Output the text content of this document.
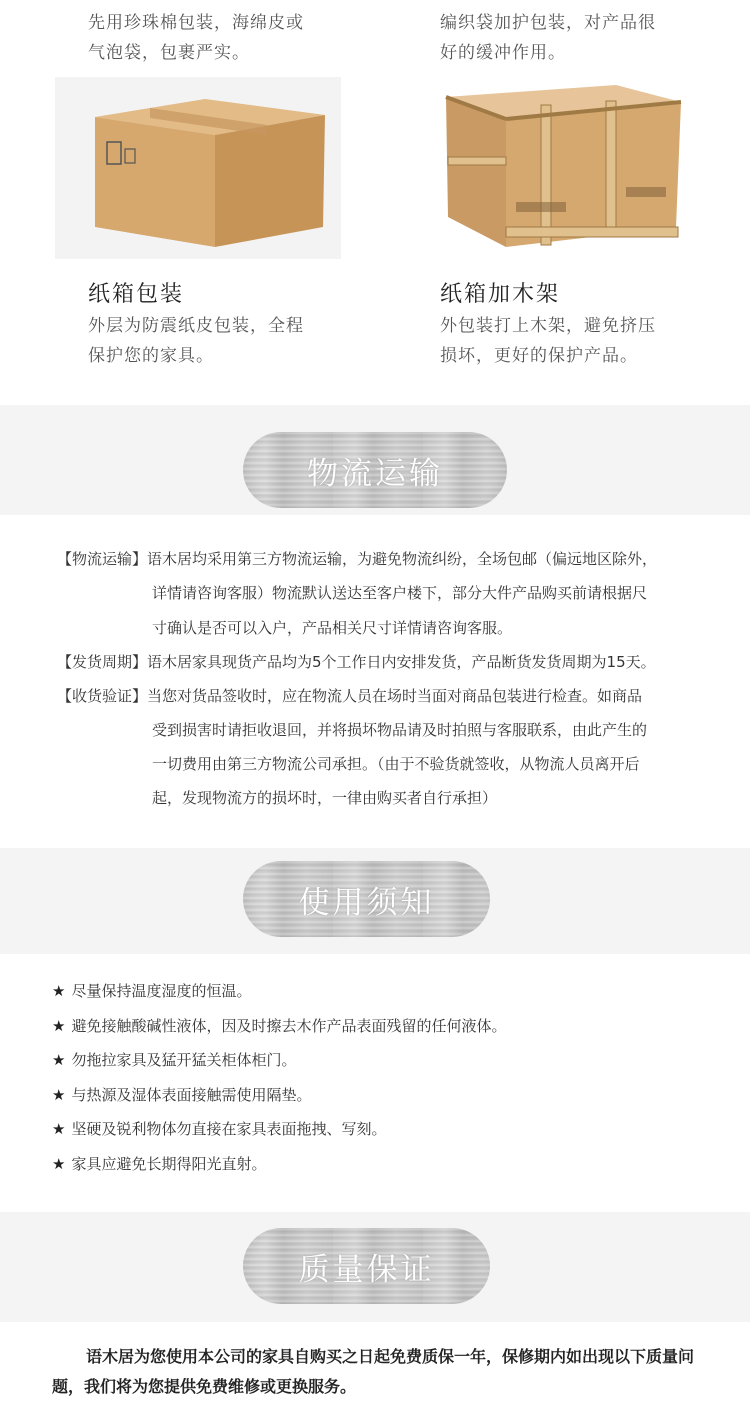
先用珍珠棉包装，海绵皮或
气泡袋，包裹严实。
编织袋加护包装，对产品很
好的缓冲作用。
纸箱包装	纸箱加木架
外层为防震纸皮包装，全程
保护您的家具。
外包装打上木架，避免挤压
损坏，更好的保护产品。
物流运输
【物流运输】语木居均采用第三方物流运输，为避免物流纠纷，全场包邮（偏远地区除外，
详情请咨询客服）物流默认送达至客户楼下，部分大件产品购买前请根据尺
寸确认是否可以入户，产品相关尺寸详情请咨询客服。
【发货周期】语木居家具现货产品均为5个工作日内安排发货，产品断货发货周期为15天。
【收货验证】当您对货品签收时，应在物流人员在场时当面对商品包装进行检查。如商品
受到损害时请拒收退回，并将损坏物品请及时拍照与客服联系，由此产生的
一切费用由第三方物流公司承担。（由于不验货就签收，从物流人员离开后
起，发现物流方的损坏时，一律由购买者自行承担）
使用须知
★ 尽量保持温度湿度的恒温。
★ 避免接触酸碱性液体，因及时擦去木作产品表面残留的任何液体。
★ 勿拖拉家具及猛开猛关柜体柜门。
★ 与热源及湿体表面接触需使用隔垫。
★ 坚硬及锐利物体勿直接在家具表面拖拽、写刻。
★ 家具应避免长期得阳光直射。
质量保证
语木居为您使用本公司的家具自购买之日起免费质保一年，保修期内如出现以下质量问题，我们将为您提供免费维修或更换服务。
